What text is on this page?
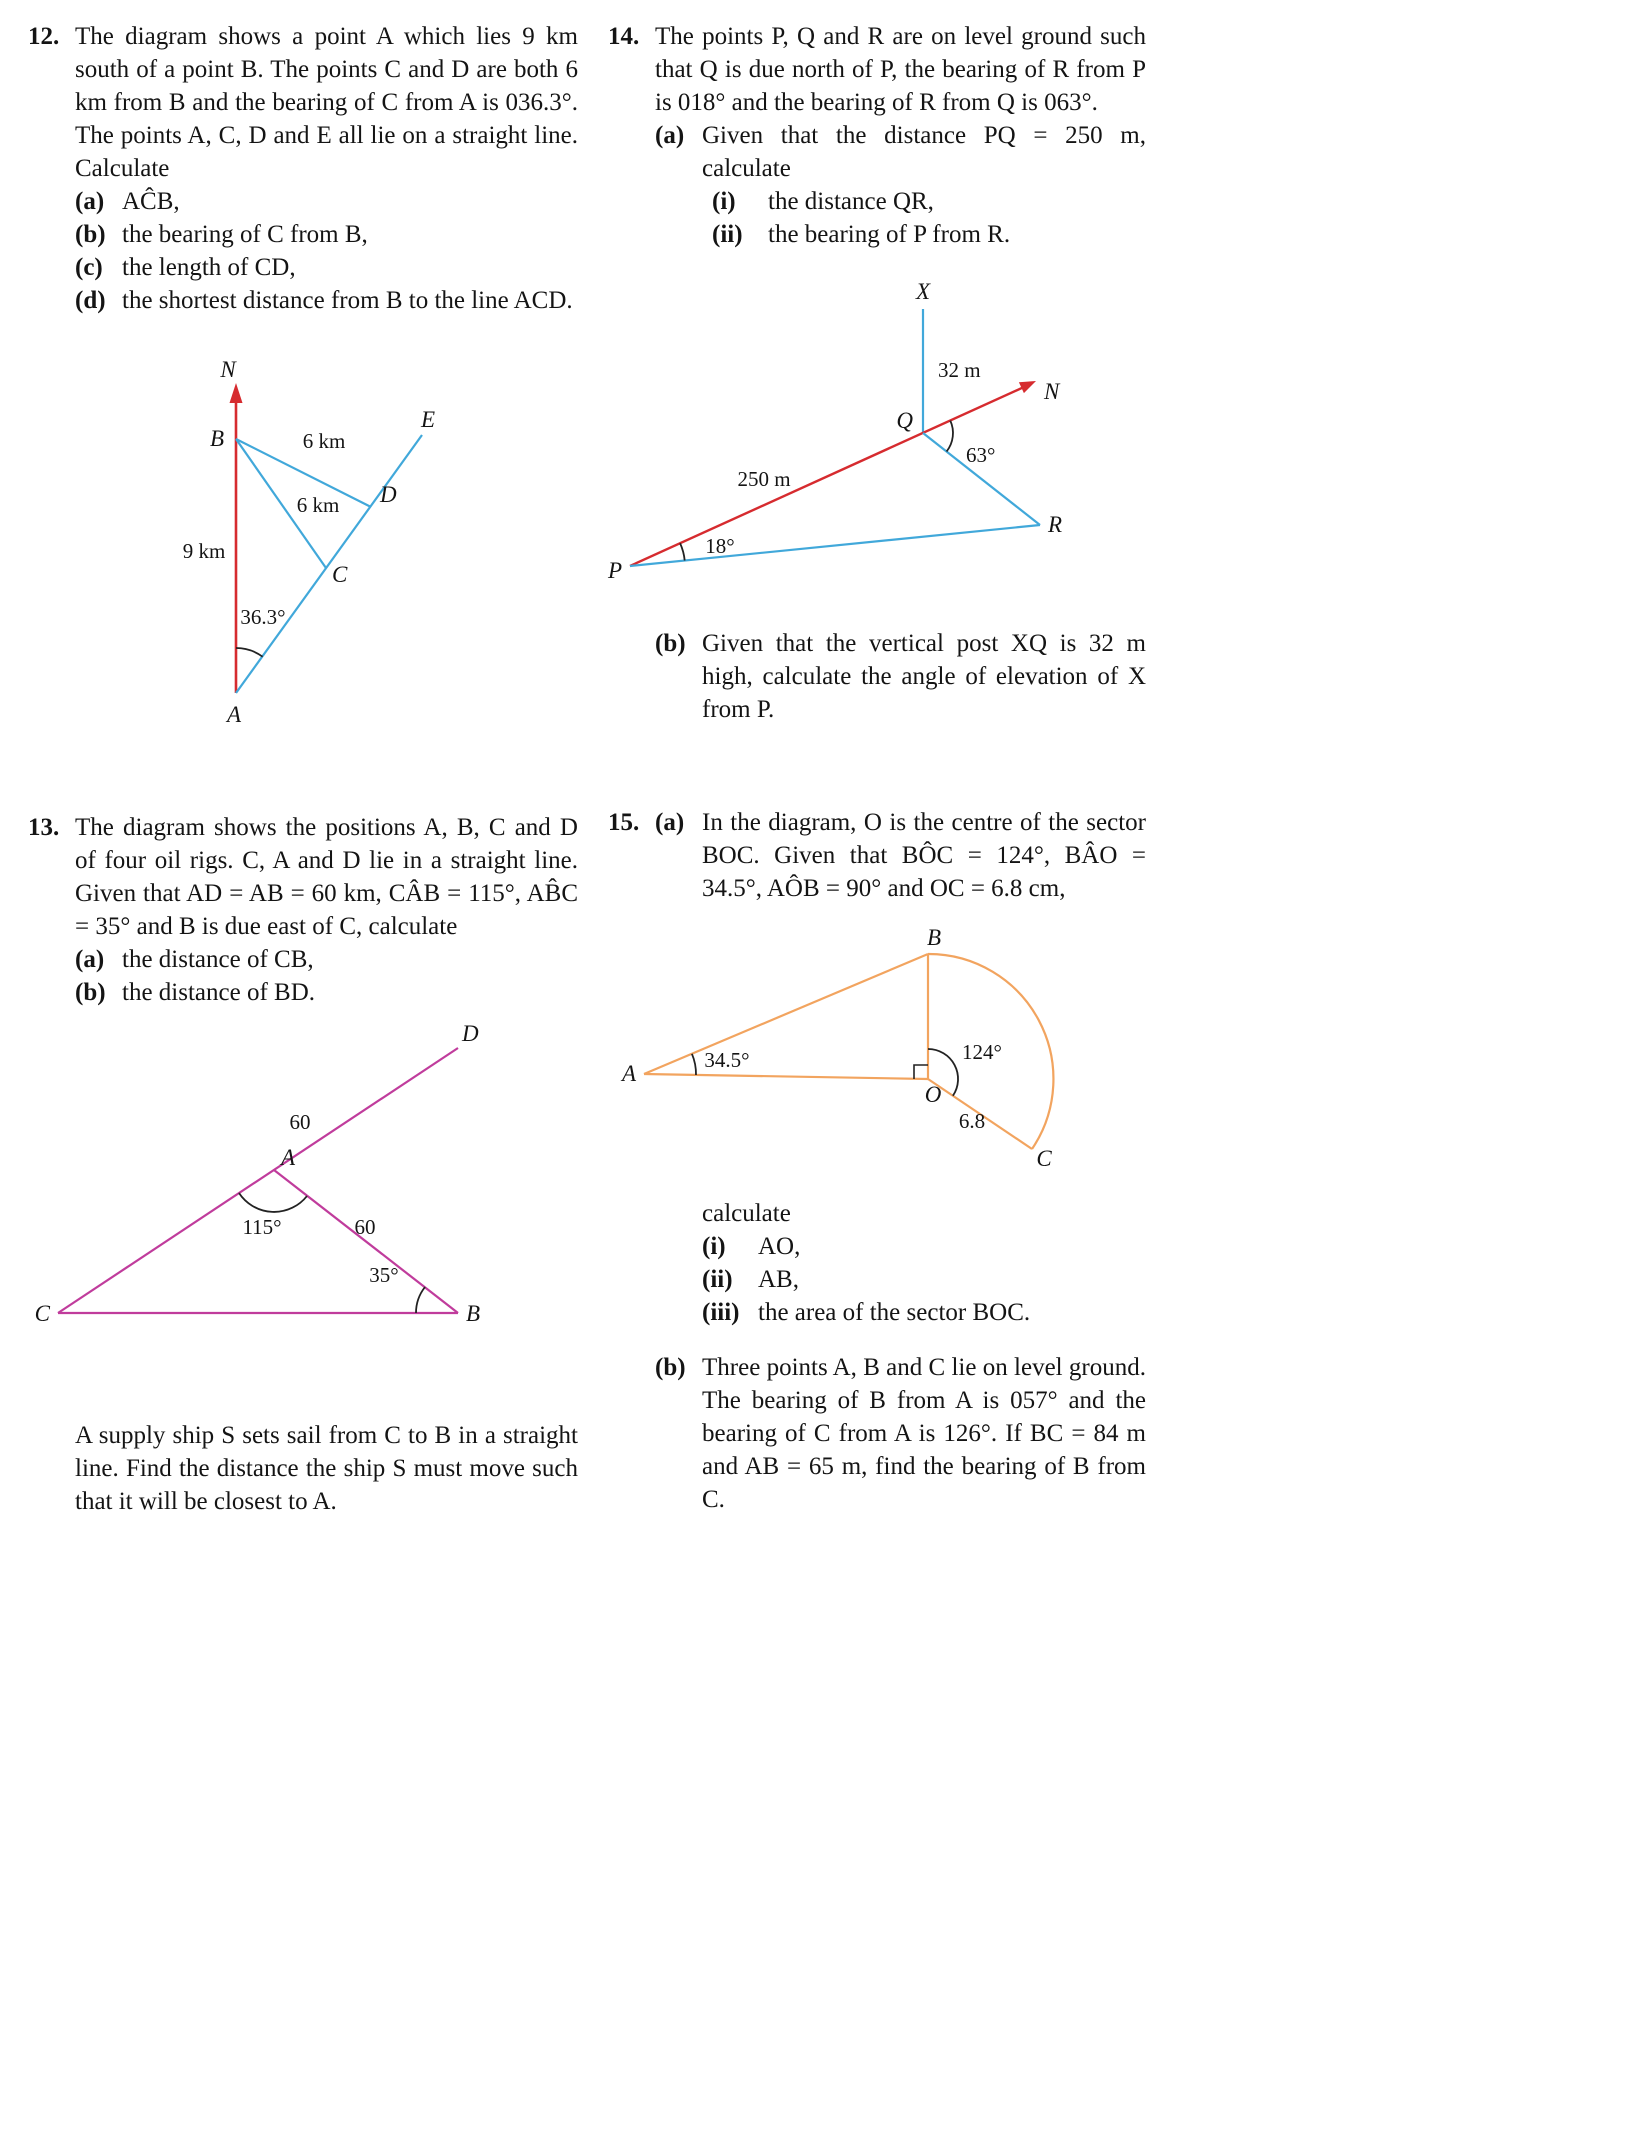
12. The diagram shows a point A which lies 9 km south of a point B. The points C and D are both 6 km from B and the bearing of C from A is 036.3°. The points A, C, D and E all lie on a straight line. Calculate
(a) AĈB,
(b) the bearing of C from B,
(c) the length of CD,
(d) the shortest distance from B to the line ACD.
N
B
E
D
C
A
6 km
6 km
9 km
36.3°
13. The diagram shows the positions A, B, C and D of four oil rigs. C, A and D lie in a straight line. Given that AD = AB = 60 km, CÂB = 115°, AB̂C = 35° and B is due east of C, calculate
(a) the distance of CB,
(b) the distance of BD.
D
A
C	B
60
60
115°
35°
A supply ship S sets sail from C to B in a straight line. Find the distance the ship S must move such that it will be closest to A.
14. The points P, Q and R are on level ground such that Q is due north of P, the bearing of R from P is 018° and the bearing of R from Q is 063°.
(a) Given that the distance PQ = 250 m, calculate
(i)	the distance QR,
(ii)	the bearing of P from R.
X
32 m
N
Q
63°
250 m
18°
P
R
(b) Given that the vertical post XQ is 32 m high, calculate the angle of elevation of X from P.
15. (a) In the diagram, O is the centre of the sector BOC. Given that BÔC = 124°, BÂO = 34.5°, AÔB = 90° and OC = 6.8 cm,
B
A
O
C
34.5°	124°
6.8
calculate
(i)	AO,
(ii)	AB,
(iii) the area of the sector BOC.
(b) Three points A, B and C lie on level ground. The bearing of B from A is 057° and the bearing of C from A is 126°. If BC = 84 m and AB = 65 m, find the bearing of B from C.
